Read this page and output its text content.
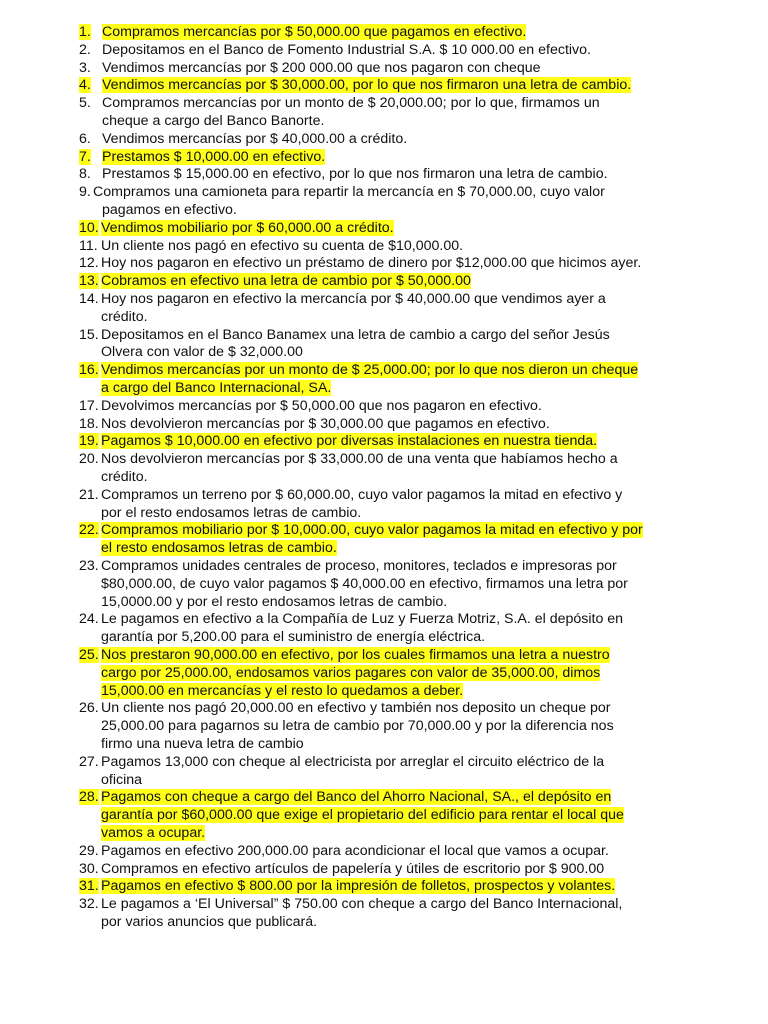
1. Compramos mercancías por $ 50,000.00 que pagamos en efectivo.
2. Depositamos en el Banco de Fomento Industrial S.A. $ 10 000.00 en efectivo.
3. Vendimos mercancías por $ 200 000.00 que nos pagaron con cheque
4. Vendimos mercancías por $ 30,000.00, por lo que nos firmaron una letra de cambio.
5. Compramos mercancías por un monto de $ 20,000.00; por lo que, firmamos un
cheque a cargo del Banco Banorte.
6. Vendimos mercancías por $ 40,000.00 a crédito.
7. Prestamos $ 10,000.00 en efectivo.
8. Prestamos $ 15,000.00 en efectivo, por lo que nos firmaron una letra de cambio.
9. Compramos una camioneta para repartir la mercancía en $ 70,000.00, cuyo valor
pagamos en efectivo.
10. Vendimos mobiliario por $ 60,000.00 a crédito.
11. Un cliente nos pagó en efectivo su cuenta de $10,000.00.
12. Hoy nos pagaron en efectivo un préstamo de dinero por $12,000.00 que hicimos ayer.
13. Cobramos en efectivo una letra de cambio por $ 50,000.00
14. Hoy nos pagaron en efectivo la mercancía por $ 40,000.00 que vendimos ayer a
crédito.
15. Depositamos en el Banco Banamex una letra de cambio a cargo del señor Jesús
Olvera con valor de $ 32,000.00
16. Vendimos mercancías por un monto de $ 25,000.00; por lo que nos dieron un cheque
a cargo del Banco Internacional, SA.
17. Devolvimos mercancías por $ 50,000.00 que nos pagaron en efectivo.
18. Nos devolvieron mercancías por $ 30,000.00 que pagamos en efectivo.
19. Pagamos $ 10,000.00 en efectivo por diversas instalaciones en nuestra tienda.
20. Nos devolvieron mercancías por $ 33,000.00 de una venta que habíamos hecho a
crédito.
21. Compramos un terreno por $ 60,000.00, cuyo valor pagamos la mitad en efectivo y
por el resto endosamos letras de cambio.
22. Compramos mobiliario por $ 10,000.00, cuyo valor pagamos la mitad en efectivo y por
el resto endosamos letras de cambio.
23. Compramos unidades centrales de proceso, monitores, teclados e impresoras por
$80,000.00, de cuyo valor pagamos $ 40,000.00 en efectivo, firmamos una letra por
15,0000.00 y por el resto endosamos letras de cambio.
24. Le pagamos en efectivo a la Compañía de Luz y Fuerza Motriz, S.A. el depósito en
garantía por 5,200.00 para el suministro de energía eléctrica.
25. Nos prestaron 90,000.00 en efectivo, por los cuales firmamos una letra a nuestro
cargo por 25,000.00, endosamos varios pagares con valor de 35,000.00, dimos
15,000.00 en mercancías y el resto lo quedamos a deber.
26. Un cliente nos pagó 20,000.00 en efectivo y también nos deposito un cheque por
25,000.00 para pagarnos su letra de cambio por 70,000.00 y por la diferencia nos
firmo una nueva letra de cambio
27. Pagamos 13,000 con cheque al electricista por arreglar el circuito eléctrico de la
oficina
28. Pagamos con cheque a cargo del Banco del Ahorro Nacional, SA., el depósito en
garantía por $60,000.00 que exige el propietario del edificio para rentar el local que
vamos a ocupar.
29. Pagamos en efectivo 200,000.00 para acondicionar el local que vamos a ocupar.
30. Compramos en efectivo artículos de papelería y útiles de escritorio por $ 900.00
31. Pagamos en efectivo $ 800.00 por la impresión de folletos, prospectos y volantes.
32. Le pagamos a ‘El Universal” $ 750.00 con cheque a cargo del Banco Internacional,
por varios anuncios que publicará.
